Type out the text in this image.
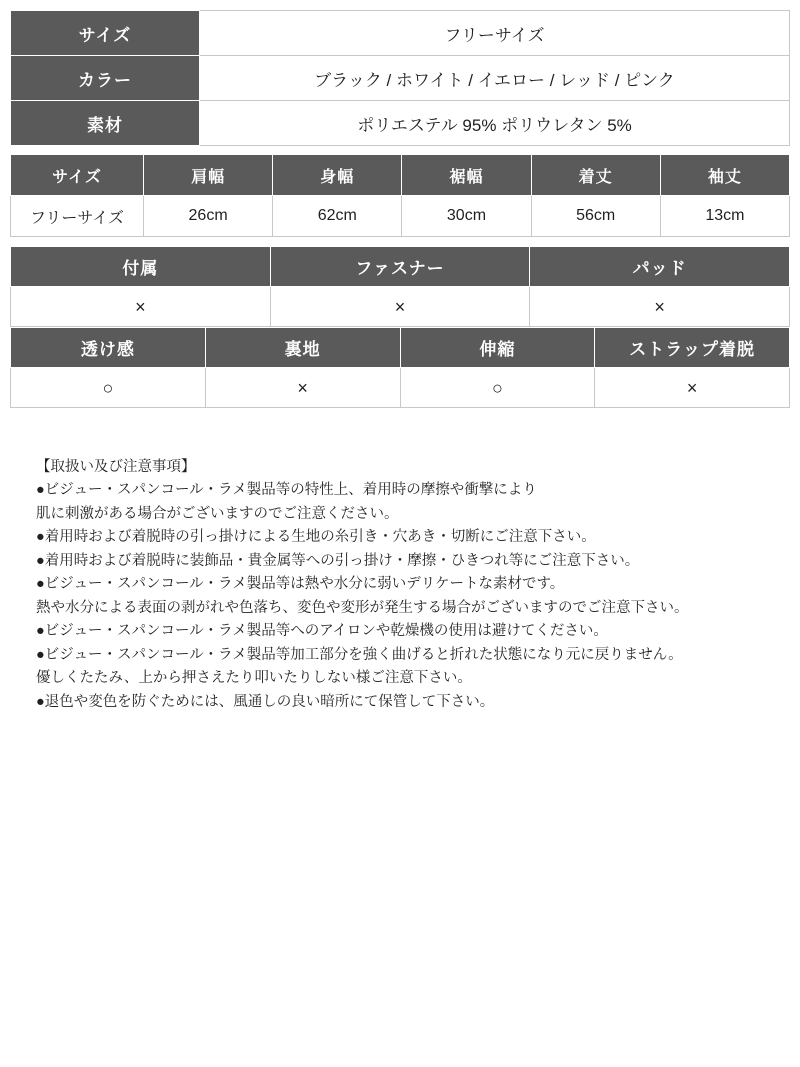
サイズ	フリーサイズ
カラー	ブラック / ホワイト / イエロー / レッド / ピンク
素材	ポリエステル 95% ポリウレタン 5%
サイズ	肩幅	身幅	裾幅	着丈	袖丈
フリーサイズ	26cm	62cm	30cm	56cm	13cm
付属	ファスナー	パッド
×	×	×
透け感	裏地	伸縮	ストラップ着脱
○	×	○	×
【取扱い及び注意事項】
●ビジュー・スパンコール・ラメ製品等の特性上、着用時の摩擦や衝撃により
肌に刺激がある場合がございますのでご注意ください。
●着用時および着脱時の引っ掛けによる生地の糸引き・穴あき・切断にご注意下さい。
●着用時および着脱時に装飾品・貴金属等への引っ掛け・摩擦・ひきつれ等にご注意下さい。
●ビジュー・スパンコール・ラメ製品等は熱や水分に弱いデリケートな素材です。
熱や水分による表面の剥がれや色落ち、変色や変形が発生する場合がございますのでご注意下さい。
●ビジュー・スパンコール・ラメ製品等へのアイロンや乾燥機の使用は避けてください。
●ビジュー・スパンコール・ラメ製品等加工部分を強く曲げると折れた状態になり元に戻りません。
優しくたたみ、上から押さえたり叩いたりしない様ご注意下さい。
●退色や変色を防ぐためには、風通しの良い暗所にて保管して下さい。
